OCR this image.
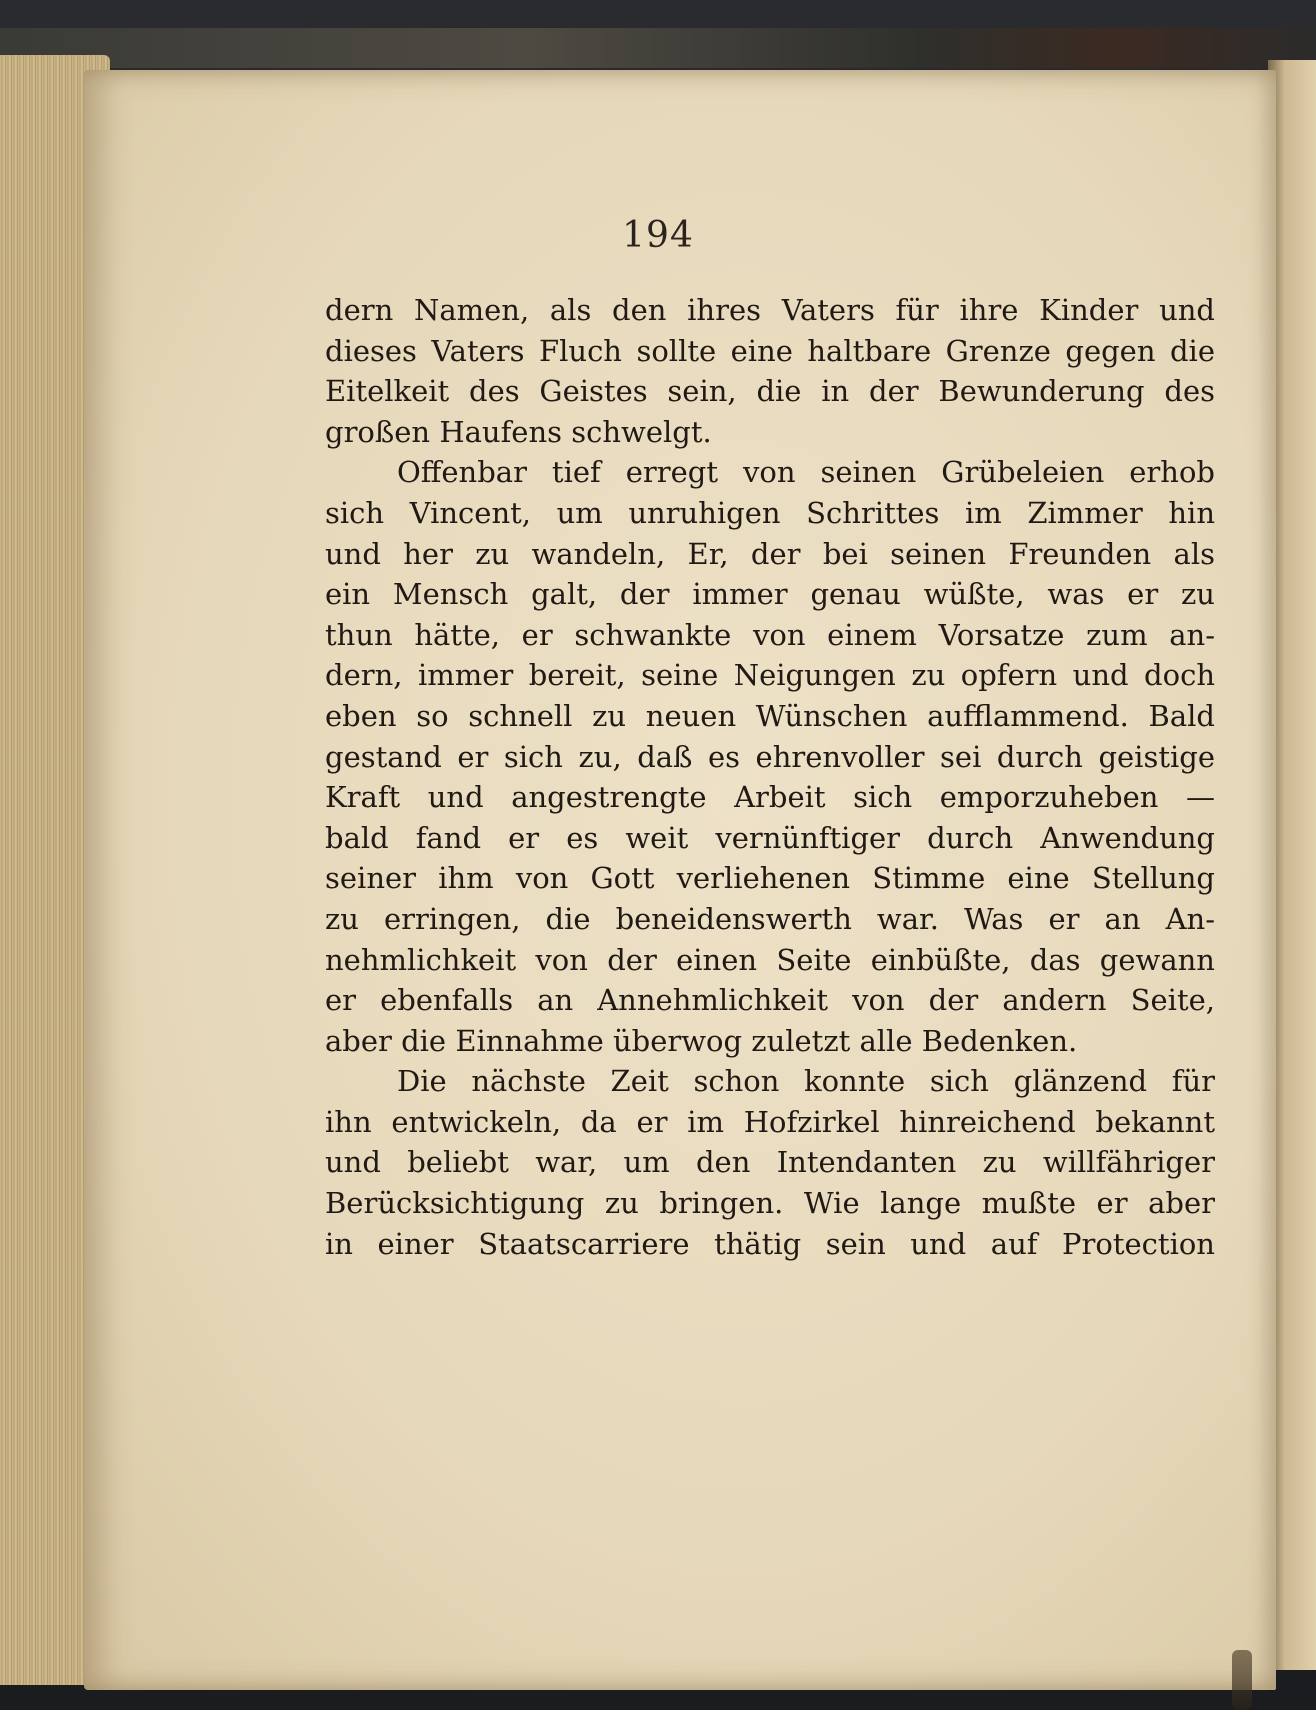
194
dern Namen, als den ihres Vaters für ihre Kinder und
dieses Vaters Fluch sollte eine haltbare Grenze gegen die
Eitelkeit des Geistes sein, die in der Bewunderung des
großen Haufens schwelgt.
Offenbar tief erregt von seinen Grübeleien erhob
sich Vincent, um unruhigen Schrittes im Zimmer hin
und her zu wandeln, Er, der bei seinen Freunden als
ein Mensch galt, der immer genau wüßte, was er zu
thun hätte, er schwankte von einem Vorsatze zum an-
dern, immer bereit, seine Neigungen zu opfern und doch
eben so schnell zu neuen Wünschen aufflammend. Bald
gestand er sich zu, daß es ehrenvoller sei durch geistige
Kraft und angestrengte Arbeit sich emporzuheben —
bald fand er es weit vernünftiger durch Anwendung
seiner ihm von Gott verliehenen Stimme eine Stellung
zu erringen, die beneidenswerth war. Was er an An-
nehmlichkeit von der einen Seite einbüßte, das gewann
er ebenfalls an Annehmlichkeit von der andern Seite,
aber die Einnahme überwog zuletzt alle Bedenken.
Die nächste Zeit schon konnte sich glänzend für
ihn entwickeln, da er im Hofzirkel hinreichend bekannt
und beliebt war, um den Intendanten zu willfähriger
Berücksichtigung zu bringen. Wie lange mußte er aber
in einer Staatscarriere thätig sein und auf Protection
